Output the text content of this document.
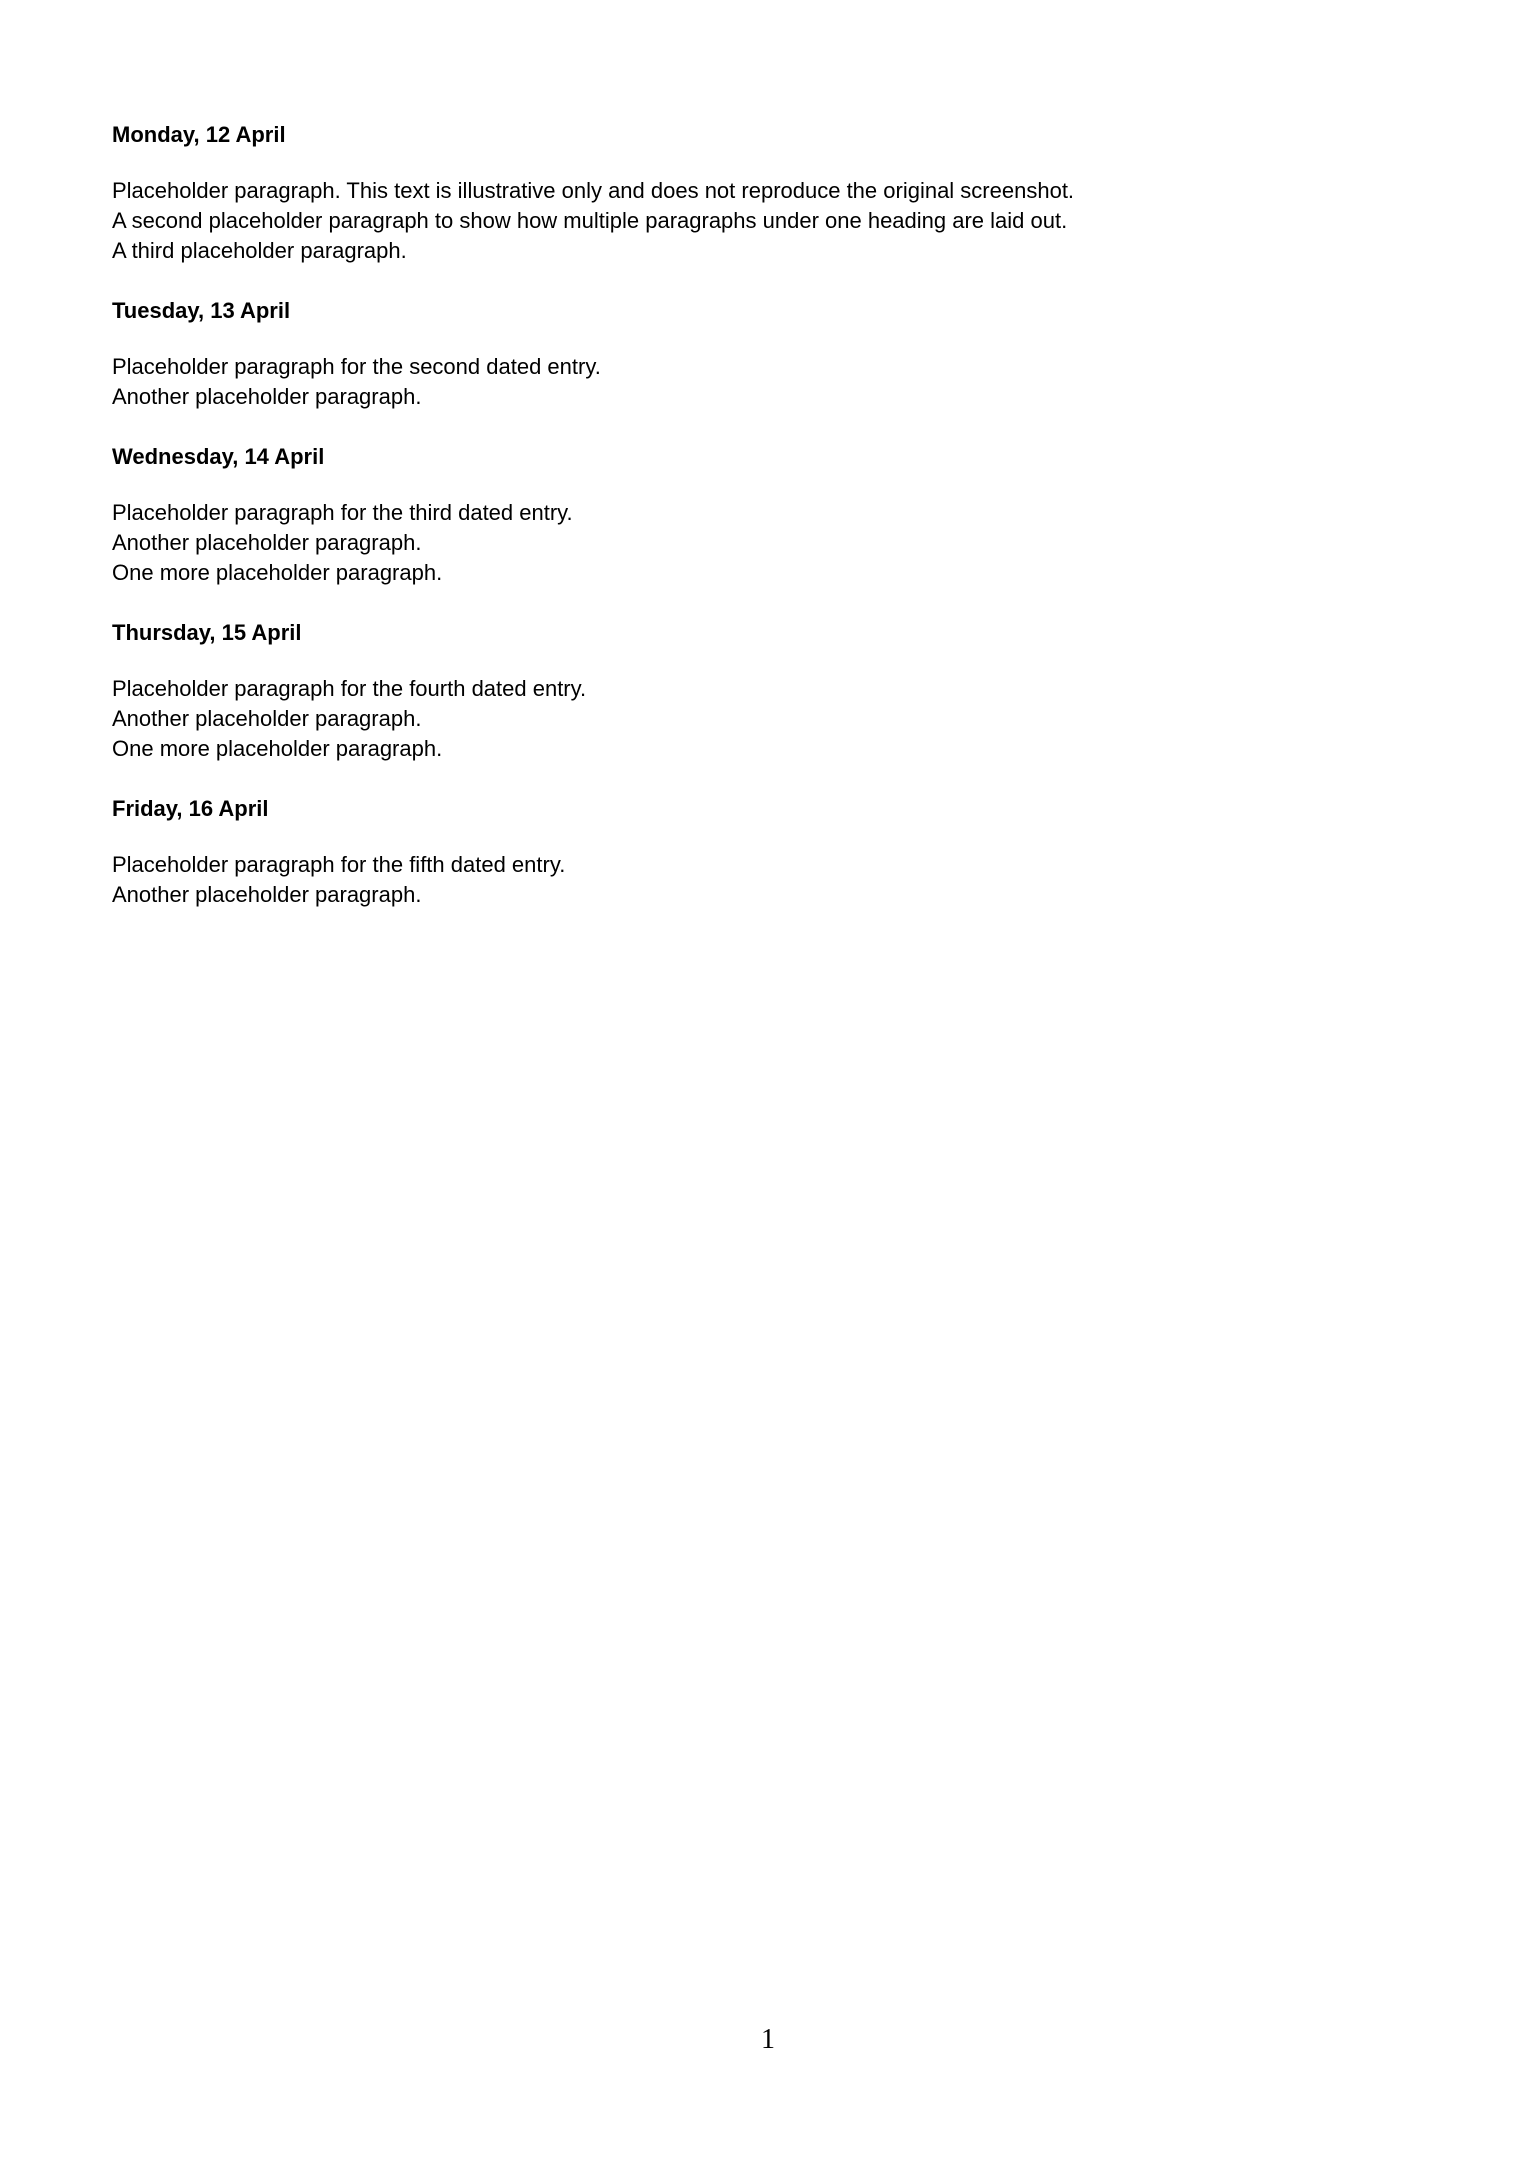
Monday, 12 April

Placeholder paragraph. This text is illustrative only and does not reproduce the original screenshot.

A second placeholder paragraph to show how multiple paragraphs under one heading are laid out.

A third placeholder paragraph.

Tuesday, 13 April

Placeholder paragraph for the second dated entry.

Another placeholder paragraph.

Wednesday, 14 April

Placeholder paragraph for the third dated entry.

Another placeholder paragraph.

One more placeholder paragraph.

Thursday, 15 April

Placeholder paragraph for the fourth dated entry.

Another placeholder paragraph.

One more placeholder paragraph.

Friday, 16 April

Placeholder paragraph for the fifth dated entry.

Another placeholder paragraph.

1
